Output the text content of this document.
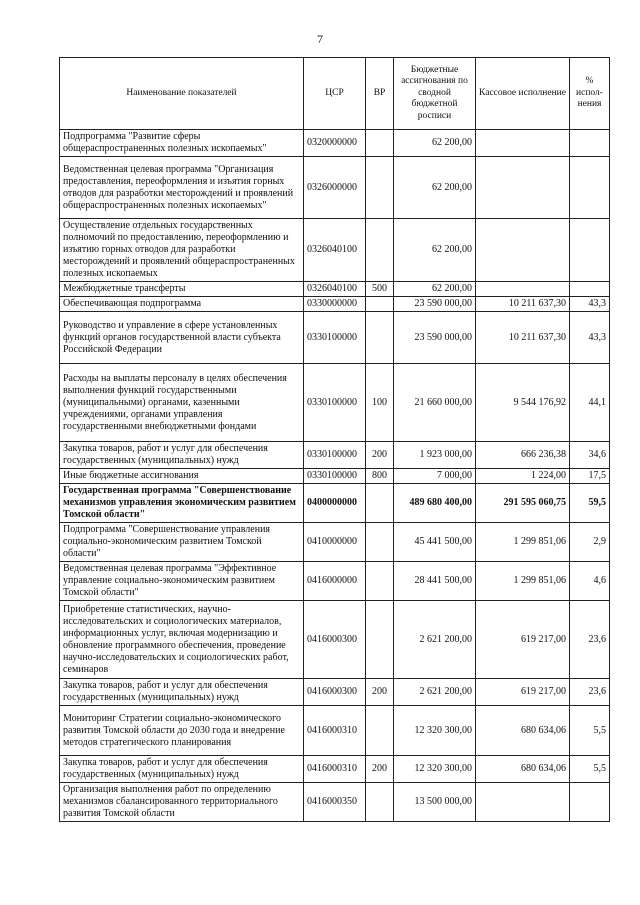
7
Наименование показателей	ЦСР	ВР	Бюджетные ассигнования по сводной бюджетной росписи	Кассовое исполнение	% испол-нения
Подпрограмма "Развитие сферы общераспространенных полезных ископаемых"	0320000000		62 200,00		
Ведомственная целевая программа "Организация предоставления, переоформления и изъятия горных отводов для разработки месторождений и проявлений общераспространенных полезных ископаемых"	0326000000		62 200,00		
Осуществление отдельных государственных полномочий по предоставлению, переоформлению и изъятию горных отводов для разработки месторождений и проявлений общераспространенных полезных ископаемых	0326040100		62 200,00		
Межбюджетные трансферты	0326040100	500	62 200,00		
Обеспечивающая подпрограмма	0330000000		23 590 000,00	10 211 637,30	43,3
Руководство и управление в сфере установленных функций органов государственной власти субъекта Российской Федерации	0330100000		23 590 000,00	10 211 637,30	43,3
Расходы на выплаты персоналу в целях обеспечения выполнения функций государственными (муниципальными) органами, казенными учреждениями, органами управления государственными внебюджетными фондами	0330100000	100	21 660 000,00	9 544 176,92	44,1
Закупка товаров, работ и услуг для обеспечения государственных (муниципальных) нужд	0330100000	200	1 923 000,00	666 236,38	34,6
Иные бюджетные ассигнования	0330100000	800	7 000,00	1 224,00	17,5
Государственная программа "Совершенствование механизмов управления экономическим развитием Томской области"	0400000000		489 680 400,00	291 595 060,75	59,5
Подпрограмма "Совершенствование управления социально-экономическим развитием Томской области"	0410000000		45 441 500,00	1 299 851,06	2,9
Ведомственная целевая программа "Эффективное управление социально-экономическим развитием Томской области"	0416000000		28 441 500,00	1 299 851,06	4,6
Приобретение статистических, научно-исследовательских и социологических материалов, информационных услуг, включая модернизацию и обновление программного обеспечения, проведение научно-исследовательских и социологических работ, семинаров	0416000300		2 621 200,00	619 217,00	23,6
Закупка товаров, работ и услуг для обеспечения государственных (муниципальных) нужд	0416000300	200	2 621 200,00	619 217,00	23,6
Мониторинг Стратегии социально-экономического развития Томской области до 2030 года и внедрение методов стратегического планирования	0416000310		12 320 300,00	680 634,06	5,5
Закупка товаров, работ и услуг для обеспечения государственных (муниципальных) нужд	0416000310	200	12 320 300,00	680 634,06	5,5
Организация выполнения работ по определению механизмов сбалансированного территориального развития Томской области	0416000350		13 500 000,00		
